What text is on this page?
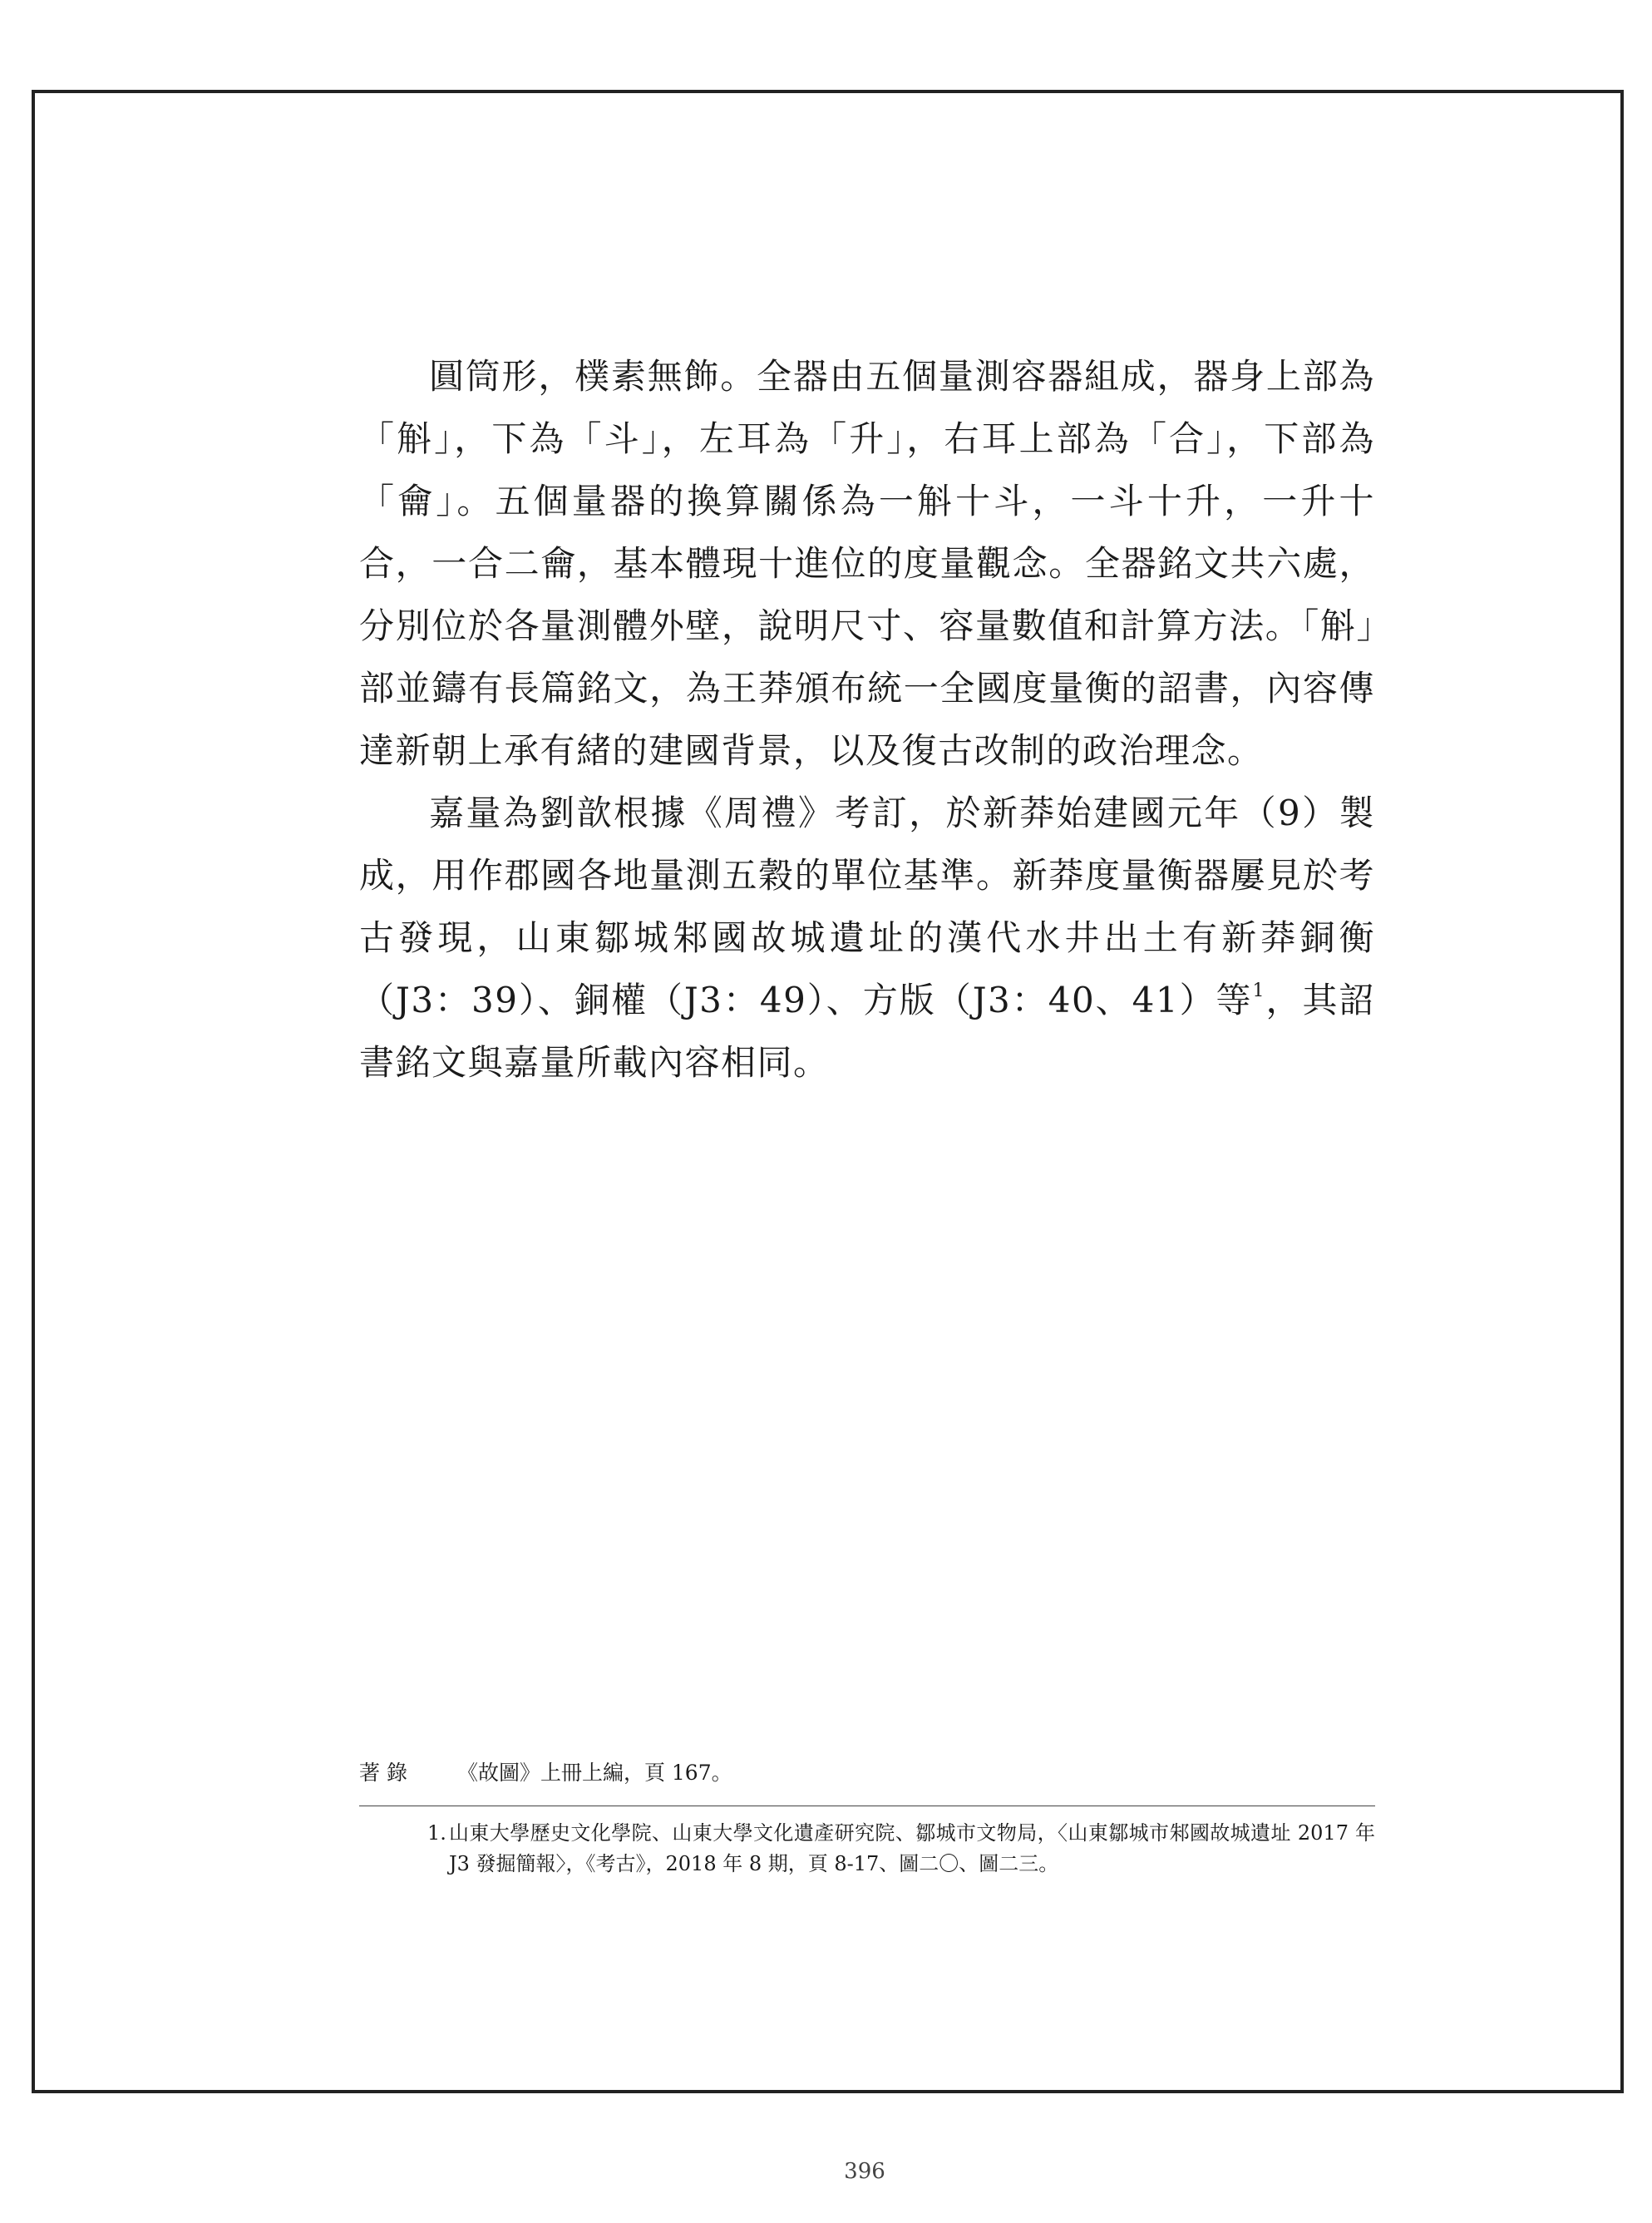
圓筒形，樸素無飾。全器由五個量測容器組成，器身上部為「斛」，下為「斗」，左耳為「升」，右耳上部為「合」，下部為「龠」。五個量器的換算關係為一斛十斗，一斗十升，一升十合，一合二龠，基本體現十進位的度量觀念。全器銘文共六處，分別位於各量測體外壁，說明尺寸、容量數值和計算方法。「斛」部並鑄有長篇銘文，為王莽頒布統一全國度量衡的詔書，內容傳達新朝上承有緒的建國背景，以及復古改制的政治理念。

嘉量為劉歆根據《周禮》考訂，於新莽始建國元年（9）製成，用作郡國各地量測五穀的單位基準。新莽度量衡器屢見於考古發現，山東鄒城邾國故城遺址的漢代水井出土有新莽銅衡（J3：39）、銅權（J3：49）、方版（J3：40、41）等$^1$，其詔書銘文與嘉量所載內容相同。

著錄 《故圖》上冊上編，頁 167。
1. 山東大學歷史文化學院、山東大學文化遺產研究院、鄒城市文物局，〈山東鄒城市邾國故城遺址 2017 年 J3 發掘簡報〉，《考古》，2018 年 8 期，頁 8-17、圖二〇、圖二三。
396
